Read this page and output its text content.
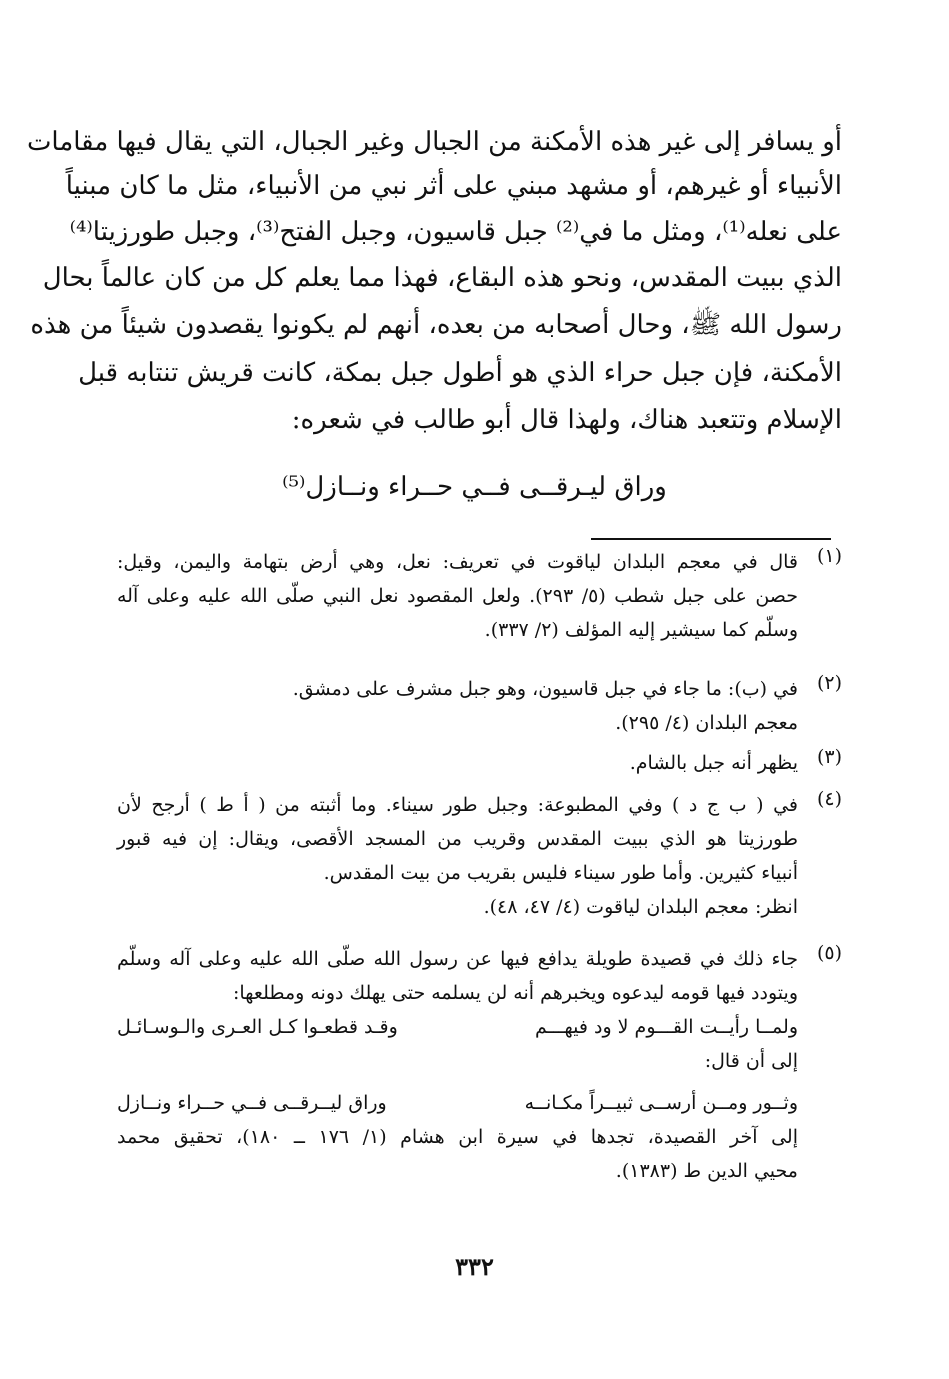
أو يسافر إلى غير هذه الأمكنة من الجبال وغير الجبال، التي يقال فيها مقامات
الأنبياء أو غيرهم، أو مشهد مبني على أثر نبي من الأنبياء، مثل ما كان مبنياً
على نعله⁽¹⁾، ومثل ما في⁽²⁾ جبل قاسيون، وجبل الفتح⁽³⁾، وجبل طورزيتا⁽⁴⁾
الذي ببيت المقدس، ونحو هذه البقاع، فهذا مما يعلم كل من كان عالماً بحال
رسول الله ﷺ، وحال أصحابه من بعده، أنهم لم يكونوا يقصدون شيئاً من هذه
الأمكنة، فإن جبل حراء الذي هو أطول جبل بمكة، كانت قريش تنتابه قبل
الإسلام وتتعبد هناك، ولهذا قال أبو طالب في شعره:
وراق ليـرقــى فــي حــراء ونــازل⁽⁵⁾
(١)
قال في معجم البلدان لياقوت في تعريف: نعل، وهي أرض بتهامة واليمن، وقيل:
حصن على جبل شطب (٥/ ٢٩٣). ولعل المقصود نعل النبي صلّى الله عليه وعلى آله
وسلّم كما سيشير إليه المؤلف (٢/ ٣٣٧).
(٢)
في (ب): ما جاء في جبل قاسيون، وهو جبل مشرف على دمشق.
معجم البلدان (٤/ ٢٩٥).
(٣)
يظهر أنه جبل بالشام.
(٤)
في ( ب ج د ) وفي المطبوعة: وجبل طور سيناء. وما أثبته من ( أ ط ) أرجح لأن
طورزيتا هو الذي ببيت المقدس وقريب من المسجد الأقصى، ويقال: إن فيه قبور
أنبياء كثيرين. وأما طور سيناء فليس بقريب من بيت المقدس.
انظر: معجم البلدان لياقوت (٤/ ٤٧، ٤٨).
(٥)
جاء ذلك في قصيدة طويلة يدافع فيها عن رسول الله صلّى الله عليه وعلى آله وسلّم
ويتودد فيها قومه ليدعوه ويخبرهم أنه لن يسلمه حتى يهلك دونه ومطلعها:
ولمــا رأيــت القـــوم لا ود فيهـــم
وقـد قطعـوا كـل العـرى والـوسـائـل
إلى أن قال:
وثــور ومــن أرســى ثبيــراً مكـانــه
وراق ليــرقــى فــي حــراء ونــازل
إلى آخر القصيدة، تجدها في سيرة ابن هشام (١/ ١٧٦ ــ ١٨٠)، تحقيق محمد
محيي الدين ط (١٣٨٣).
٣٣٢
